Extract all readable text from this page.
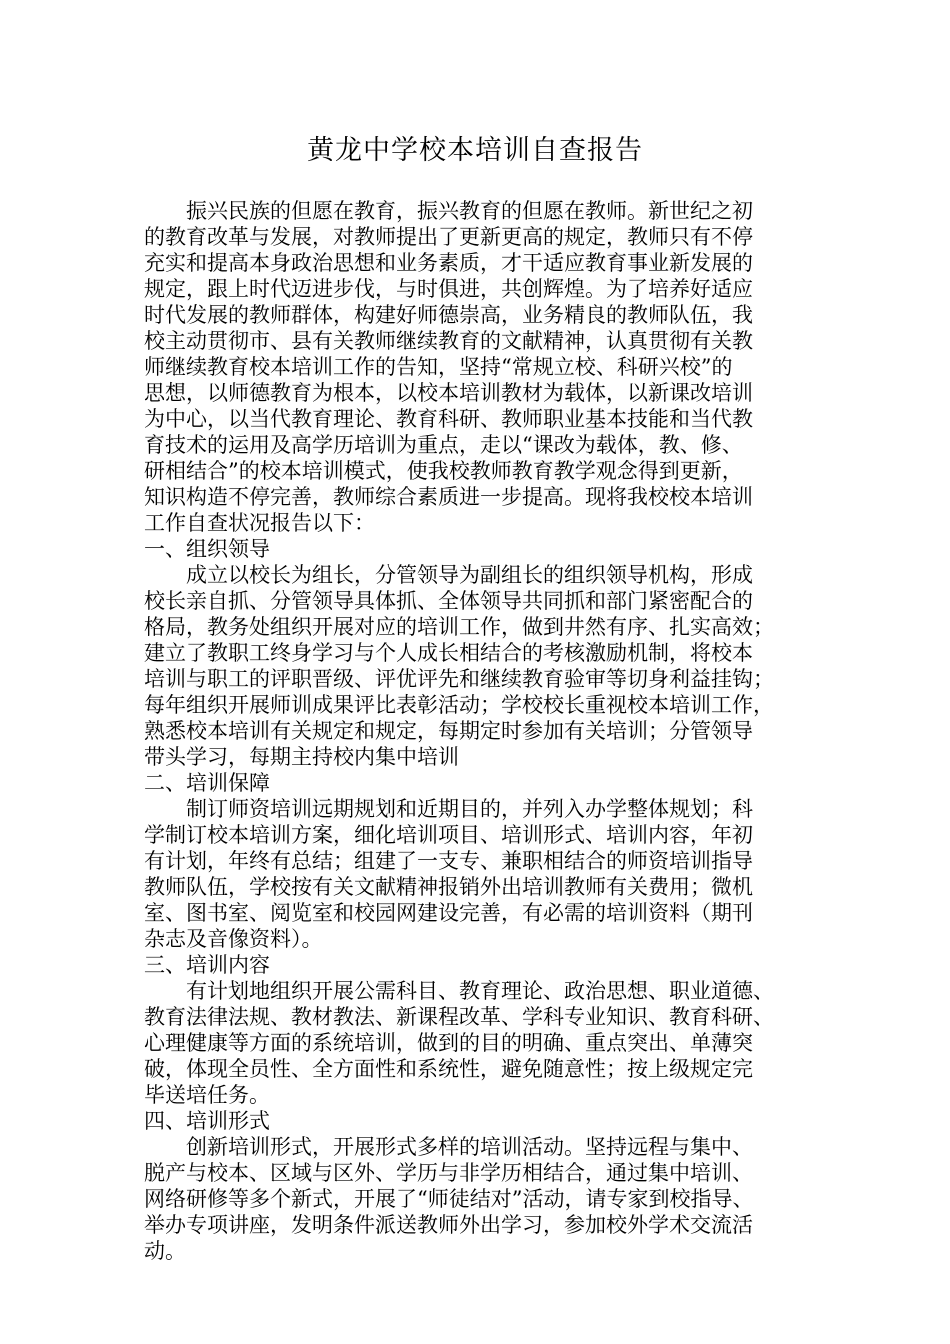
黄龙中学校本培训自查报告
振兴民族的但愿在教育，振兴教育的但愿在教师。新世纪之初
的教育改革与发展，对教师提出了更新更高的规定，教师只有不停
充实和提高本身政治思想和业务素质，才干适应教育事业新发展的
规定，跟上时代迈进步伐，与时俱进，共创辉煌。为了培养好适应
时代发展的教师群体，构建好师德崇高，业务精良的教师队伍，我
校主动贯彻市、县有关教师继续教育的文献精神，认真贯彻有关教
师继续教育校本培训工作的告知，坚持“常规立校、科研兴校”的
思想，以师德教育为根本，以校本培训教材为载体，以新课改培训
为中心，以当代教育理论、教育科研、教师职业基本技能和当代教
育技术的运用及高学历培训为重点，走以“课改为载体，教、修、
研相结合”的校本培训模式，使我校教师教育教学观念得到更新，
知识构造不停完善，教师综合素质进一步提高。现将我校校本培训
工作自查状况报告以下：
一、组织领导
成立以校长为组长，分管领导为副组长的组织领导机构，形成
校长亲自抓、分管领导具体抓、全体领导共同抓和部门紧密配合的
格局，教务处组织开展对应的培训工作，做到井然有序、扎实高效；
建立了教职工终身学习与个人成长相结合的考核激励机制，将校本
培训与职工的评职晋级、评优评先和继续教育验审等切身利益挂钩；
每年组织开展师训成果评比表彰活动；学校校长重视校本培训工作，
熟悉校本培训有关规定和规定，每期定时参加有关培训；分管领导
带头学习，每期主持校内集中培训
二、培训保障
制订师资培训远期规划和近期目的，并列入办学整体规划；科
学制订校本培训方案，细化培训项目、培训形式、培训内容，年初
有计划，年终有总结；组建了一支专、兼职相结合的师资培训指导
教师队伍，学校按有关文献精神报销外出培训教师有关费用；微机
室、图书室、阅览室和校园网建设完善，有必需的培训资料（期刊
杂志及音像资料）。
三、培训内容
有计划地组织开展公需科目、教育理论、政治思想、职业道德、
教育法律法规、教材教法、新课程改革、学科专业知识、教育科研、
心理健康等方面的系统培训，做到的目的明确、重点突出、单薄突
破，体现全员性、全方面性和系统性，避免随意性；按上级规定完
毕送培任务。
四、培训形式
创新培训形式，开展形式多样的培训活动。坚持远程与集中、
脱产与校本、区域与区外、学历与非学历相结合，通过集中培训、
网络研修等多个新式，开展了“师徒结对”活动，请专家到校指导、
举办专项讲座，发明条件派送教师外出学习，参加校外学术交流活
动。
